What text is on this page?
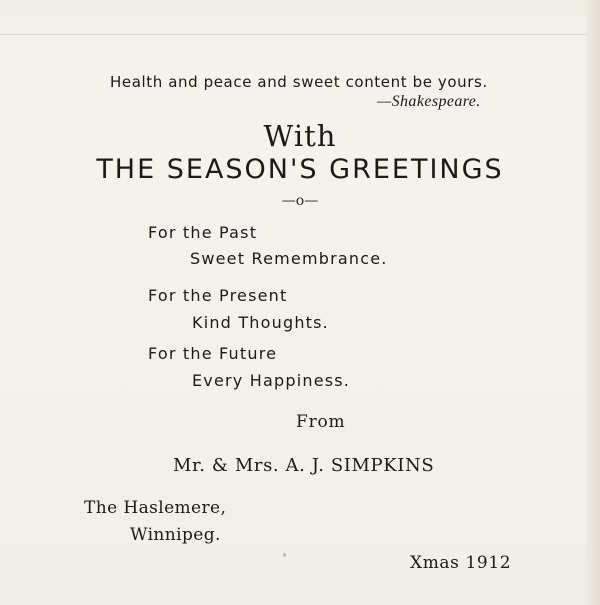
Health and peace and sweet content be yours.
—Shakespeare.
With
THE SEASON'S GREETINGS
—o—
For the Past
Sweet Remembrance.
For the Present
Kind Thoughts.
For the Future
Every Happiness.
From
Mr. & Mrs. A. J. SIMPKINS
The Haslemere,
Winnipeg.
Xmas 1912
